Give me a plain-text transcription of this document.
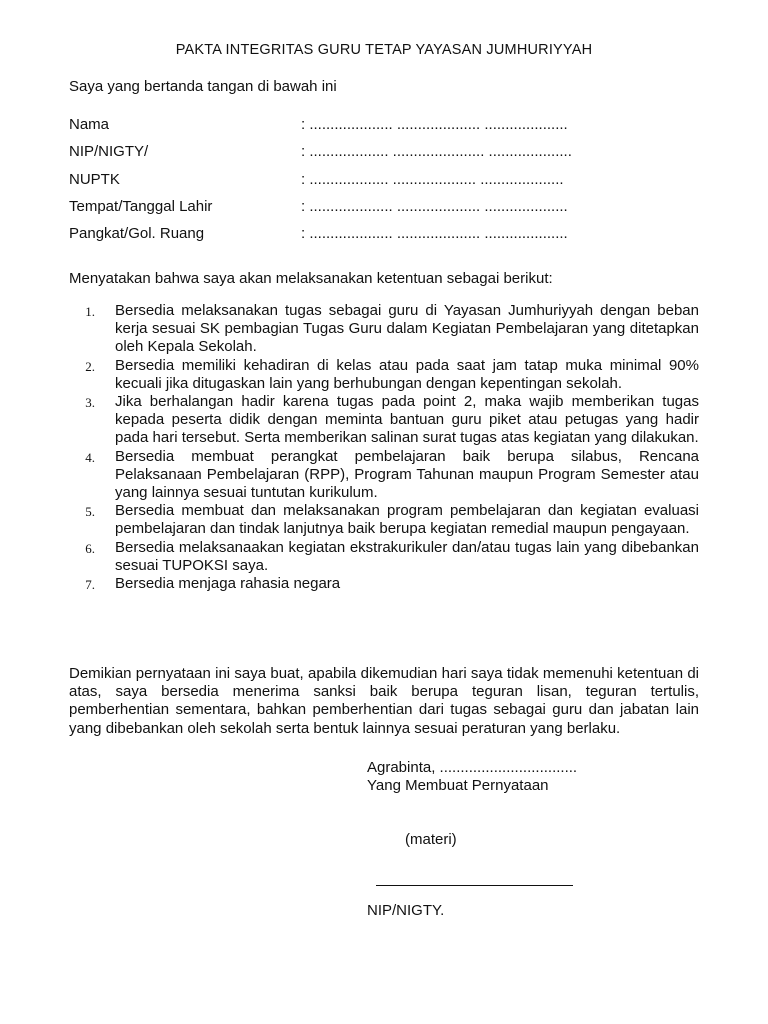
PAKTA INTEGRITAS GURU TETAP YAYASAN JUMHURIYYAH
Saya yang bertanda tangan di bawah ini
Nama	: .................... .................... ....................
NIP/NIGTY/	: ................... ...................... ....................
NUPTK	: ................... .................... ....................
Tempat/Tanggal Lahir	: .................... .................... ....................
Pangkat/Gol. Ruang	: .................... .................... ....................
Menyatakan bahwa saya akan melaksanakan ketentuan sebagai berikut:
1.	Bersedia melaksanakan tugas sebagai guru di Yayasan Jumhuriyyah dengan beban kerja sesuai SK pembagian Tugas Guru dalam Kegiatan Pembelajaran yang ditetapkan oleh Kepala Sekolah.
2.	Bersedia memiliki kehadiran di kelas atau pada saat jam tatap muka minimal 90% kecuali jika ditugaskan lain yang berhubungan dengan kepentingan sekolah.
3.	Jika berhalangan hadir karena tugas pada point 2, maka wajib memberikan tugas kepada peserta didik dengan meminta bantuan guru piket atau petugas yang hadir pada hari tersebut. Serta memberikan salinan surat tugas atas kegiatan yang dilakukan.
4.	Bersedia membuat perangkat pembelajaran baik berupa silabus, Rencana Pelaksanaan Pembelajaran (RPP), Program Tahunan maupun Program Semester atau yang lainnya sesuai tuntutan kurikulum.
5.	Bersedia membuat dan melaksanakan program pembelajaran dan kegiatan evaluasi pembelajaran dan tindak lanjutnya baik berupa kegiatan remedial maupun pengayaan.
6.	Bersedia melaksanaakan kegiatan ekstrakurikuler dan/atau tugas lain yang dibebankan sesuai TUPOKSI saya.
7.	Bersedia menjaga rahasia negara
Demikian pernyataan ini saya buat, apabila dikemudian hari saya tidak memenuhi ketentuan di atas, saya bersedia menerima sanksi baik berupa teguran lisan, teguran tertulis, pemberhentian sementara, bahkan pemberhentian dari tugas sebagai guru dan jabatan lain yang dibebankan oleh sekolah serta bentuk lainnya sesuai peraturan yang berlaku.
Agrabinta, .................................
Yang Membuat Pernyataan
(materi)
NIP/NIGTY.
